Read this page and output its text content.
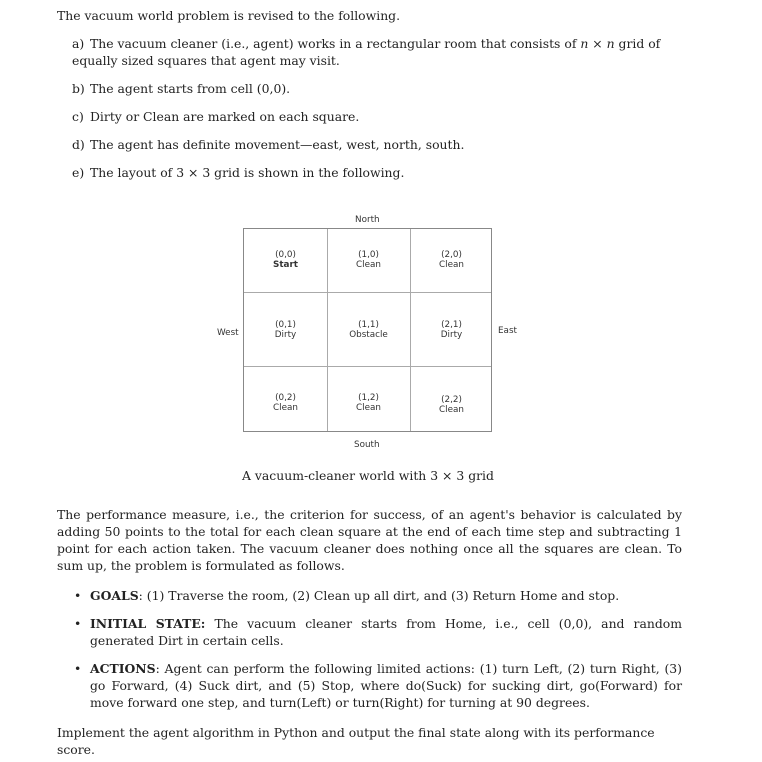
The vacuum world problem is revised to the following.
a) The vacuum cleaner (i.e., agent) works in a rectangular room that consists of n × n grid of equally sized squares that agent may visit.
b) The agent starts from cell (0,0).
c) Dirty or Clean are marked on each square.
d) The agent has definite movement—east, west, north, south.
e) The layout of 3 × 3 grid is shown in the following.
North
West	East
South
(0,0)
Start
(1,0)
Clean
(2,0)
Clean
(0,1)
Dirty
(1,1)
Obstacle
(2,1)
Dirty
(0,2)
Clean
(1,2)
Clean
(2,2)
Clean
A vacuum-cleaner world with 3 × 3 grid
The performance measure, i.e., the criterion for success, of an agent's behavior is calculated by adding 50 points to the total for each clean square at the end of each time step and subtracting 1 point for each action taken. The vacuum cleaner does nothing once all the squares are clean. To sum up, the problem is formulated as follows.
• GOALS: (1) Traverse the room, (2) Clean up all dirt, and (3) Return Home and stop.
• INITIAL STATE: The vacuum cleaner starts from Home, i.e., cell (0,0), and random generated Dirt in certain cells.
• ACTIONS: Agent can perform the following limited actions: (1) turn Left, (2) turn Right, (3) go Forward, (4) Suck dirt, and (5) Stop, where do(Suck) for sucking dirt, go(Forward) for move forward one step, and turn(Left) or turn(Right) for turning at 90 degrees.
Implement the agent algorithm in Python and output the final state along with its performance score.
